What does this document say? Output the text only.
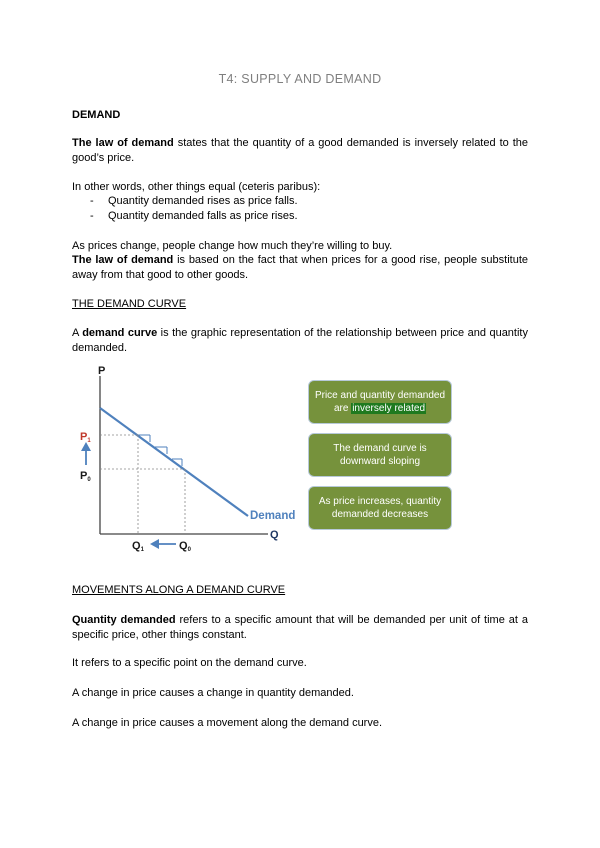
T4: SUPPLY AND DEMAND
DEMAND
The law of demand states that the quantity of a good demanded is inversely related to the good’s price.
In other words, other things equal (ceteris paribus):
- Quantity demanded rises as price falls.
- Quantity demanded falls as price rises.
As prices change, people change how much they’re willing to buy.
The law of demand is based on the fact that when prices for a good rise, people substitute away from that good to other goods.
THE DEMAND CURVE
A demand curve is the graphic representation of the relationship between price and quantity demanded.
P
Q
P1
P0
Q1	Q0
Demand
Price and quantity demanded are inversely related
The demand curve is downward sloping
As price increases, quantity demanded decreases
MOVEMENTS ALONG A DEMAND CURVE
Quantity demanded refers to a specific amount that will be demanded per unit of time at a specific price, other things constant.
It refers to a specific point on the demand curve.
A change in price causes a change in quantity demanded.
A change in price causes a movement along the demand curve.
